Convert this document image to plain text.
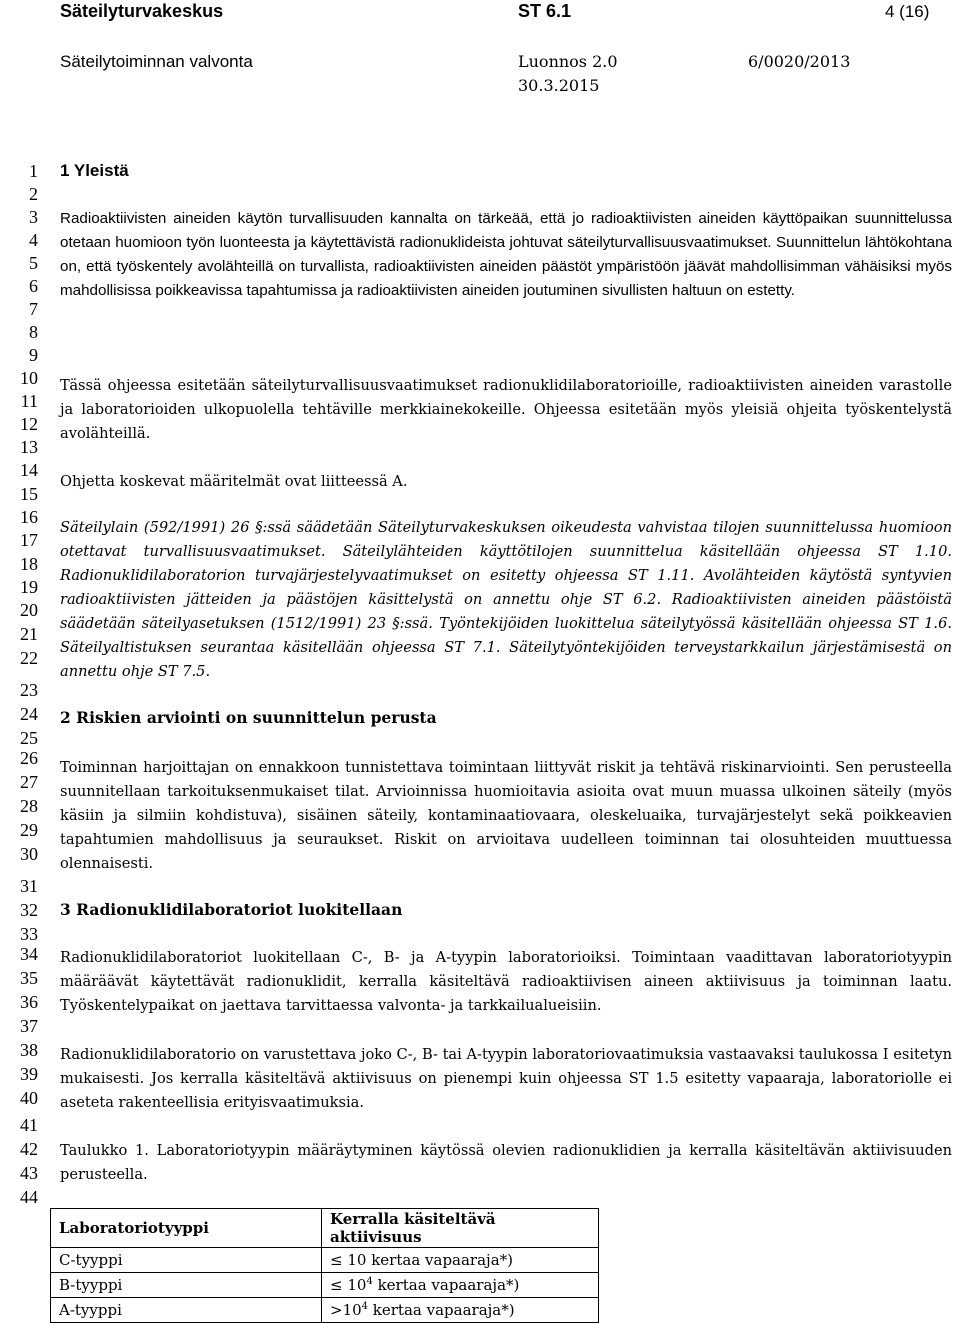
Säteilyturvakeskus	ST 6.1	4 (16)
Säteilytoiminnan valvonta	Luonnos 2.0
30.3.2015
6/0020/2013
1
2
3
4
5
6
7
8
9
10
11
12
13
14
15
16
17
18
19
20
21
22
23
24
25
26
27
28
29
30
31
32
33
34
35
36
37
38
39
40
41
42
43
44
1 Yleistä
Radioaktiivisten aineiden käytön turvallisuuden kannalta on tärkeää, että jo radioaktiivisten aineiden käyttöpaikan suunnittelussa otetaan huomioon työn luonteesta ja käytettävistä radionuklideista johtuvat säteilyturvallisuusvaatimukset. Suunnittelun lähtökohtana on, että työskentely avolähteillä on turvallista, radioaktiivisten aineiden päästöt ympäristöön jäävät mahdollisimman vähäisiksi myös mahdollisissa poikkeavissa tapahtumissa ja radioaktiivisten aineiden joutuminen sivullisten haltuun on estetty.
Tässä ohjeessa esitetään säteilyturvallisuusvaatimukset radionuklidilaboratorioille, radioaktiivisten aineiden varastolle ja laboratorioiden ulkopuolella tehtäville merkkiainekokeille. Ohjeessa esitetään myös yleisiä ohjeita työskentelystä avolähteillä.
Ohjetta koskevat määritelmät ovat liitteessä A.
Säteilylain (592/1991) 26 §:ssä säädetään Säteilyturvakeskuksen oikeudesta vahvistaa tilojen suunnittelussa huomioon otettavat turvallisuusvaatimukset. Säteilylähteiden käyttötilojen suunnittelua käsitellään ohjeessa ST 1.10. Radionuklidilaboratorion turvajärjestelyvaatimukset on esitetty ohjeessa ST 1.11. Avolähteiden käytöstä syntyvien radioaktiivisten jätteiden ja päästöjen käsittelystä on annettu ohje ST 6.2. Radioaktiivisten aineiden päästöistä säädetään säteilyasetuksen (1512/1991) 23 §:ssä. Työntekijöiden luokittelua säteilytyössä käsitellään ohjeessa ST 1.6. Säteilyaltistuksen seurantaa käsitellään ohjeessa ST 7.1. Säteilytyöntekijöiden terveystarkkailun järjestämisestä on annettu ohje ST 7.5.
2 Riskien arviointi on suunnittelun perusta
Toiminnan harjoittajan on ennakkoon tunnistettava toimintaan liittyvät riskit ja tehtävä riskinarviointi. Sen perusteella suunnitellaan tarkoituksenmukaiset tilat. Arvioinnissa huomioitavia asioita ovat muun muassa ulkoinen säteily (myös käsiin ja silmiin kohdistuva), sisäinen säteily, kontaminaatiovaara, oleskeluaika, turvajärjestelyt sekä poikkeavien tapahtumien mahdollisuus ja seuraukset. Riskit on arvioitava uudelleen toiminnan tai olosuhteiden muuttuessa olennaisesti.
3 Radionuklidilaboratoriot luokitellaan
Radionuklidilaboratoriot luokitellaan C-, B- ja A-tyypin laboratorioiksi. Toimintaan vaadittavan laboratoriotyypin määräävät käytettävät radionuklidit, kerralla käsiteltävä radioaktiivisen aineen aktiivisuus ja toiminnan laatu. Työskentelypaikat on jaettava tarvittaessa valvonta- ja tarkkailualueisiin.
Radionuklidilaboratorio on varustettava joko C-, B- tai A-tyypin laboratoriovaatimuksia vastaavaksi taulukossa I esitetyn mukaisesti. Jos kerralla käsiteltävä aktiivisuus on pienempi kuin ohjeessa ST 1.5 esitetty vapaaraja, laboratoriolle ei aseteta rakenteellisia erityisvaatimuksia.
Taulukko 1. Laboratoriotyypin määräytyminen käytössä olevien radionuklidien ja kerralla käsiteltävän aktiivisuuden perusteella.
Laboratoriotyyppi	Kerralla käsiteltävä aktiivisuus
C-tyyppi	≤ 10 kertaa vapaaraja*)
B-tyyppi	≤ $10^4$ kertaa vapaaraja*)
A-tyyppi	$>10^4$ kertaa vapaaraja*)
